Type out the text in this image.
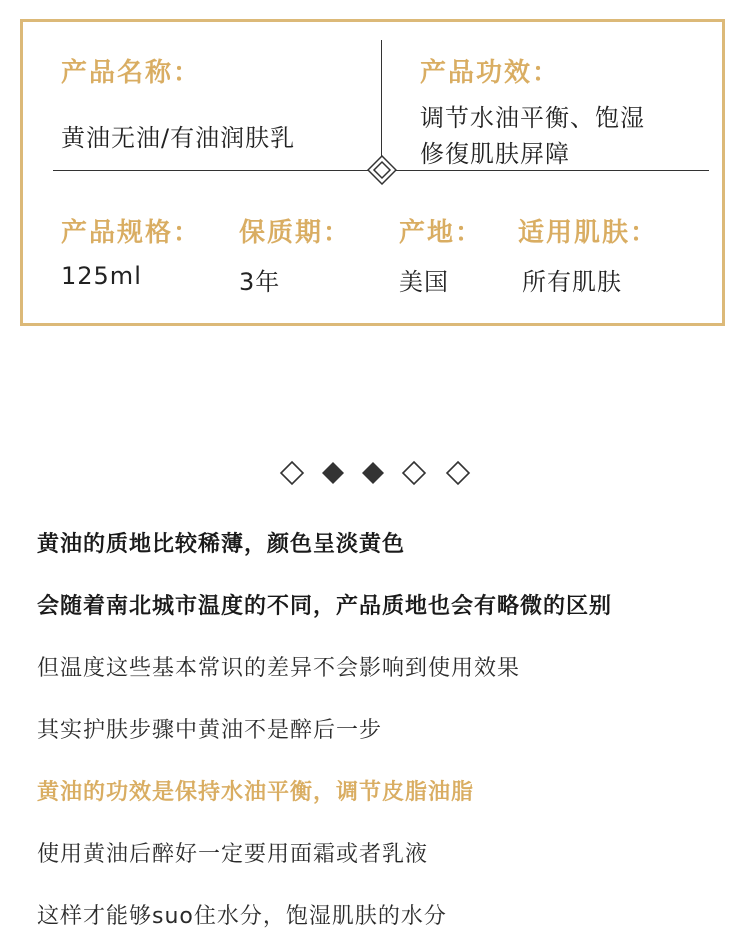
产品名称：
黄油无油/有油润肤乳
产品功效：
调节水油平衡、饱湿
修復肌肤屏障
产品规格：
125ml
保质期：
3年
产地：
美国
适用肌肤：
所有肌肤
黄油的质地比较稀薄，颜色呈淡黄色
会随着南北城市温度的不同，产品质地也会有略微的区别
但温度这些基本常识的差异不会影响到使用效果
其实护肤步骤中黄油不是醉后一步
黄油的功效是保持水油平衡，调节皮脂油脂
使用黄油后醉好一定要用面霜或者乳液
这样才能够suo住水分，饱湿肌肤的水分
